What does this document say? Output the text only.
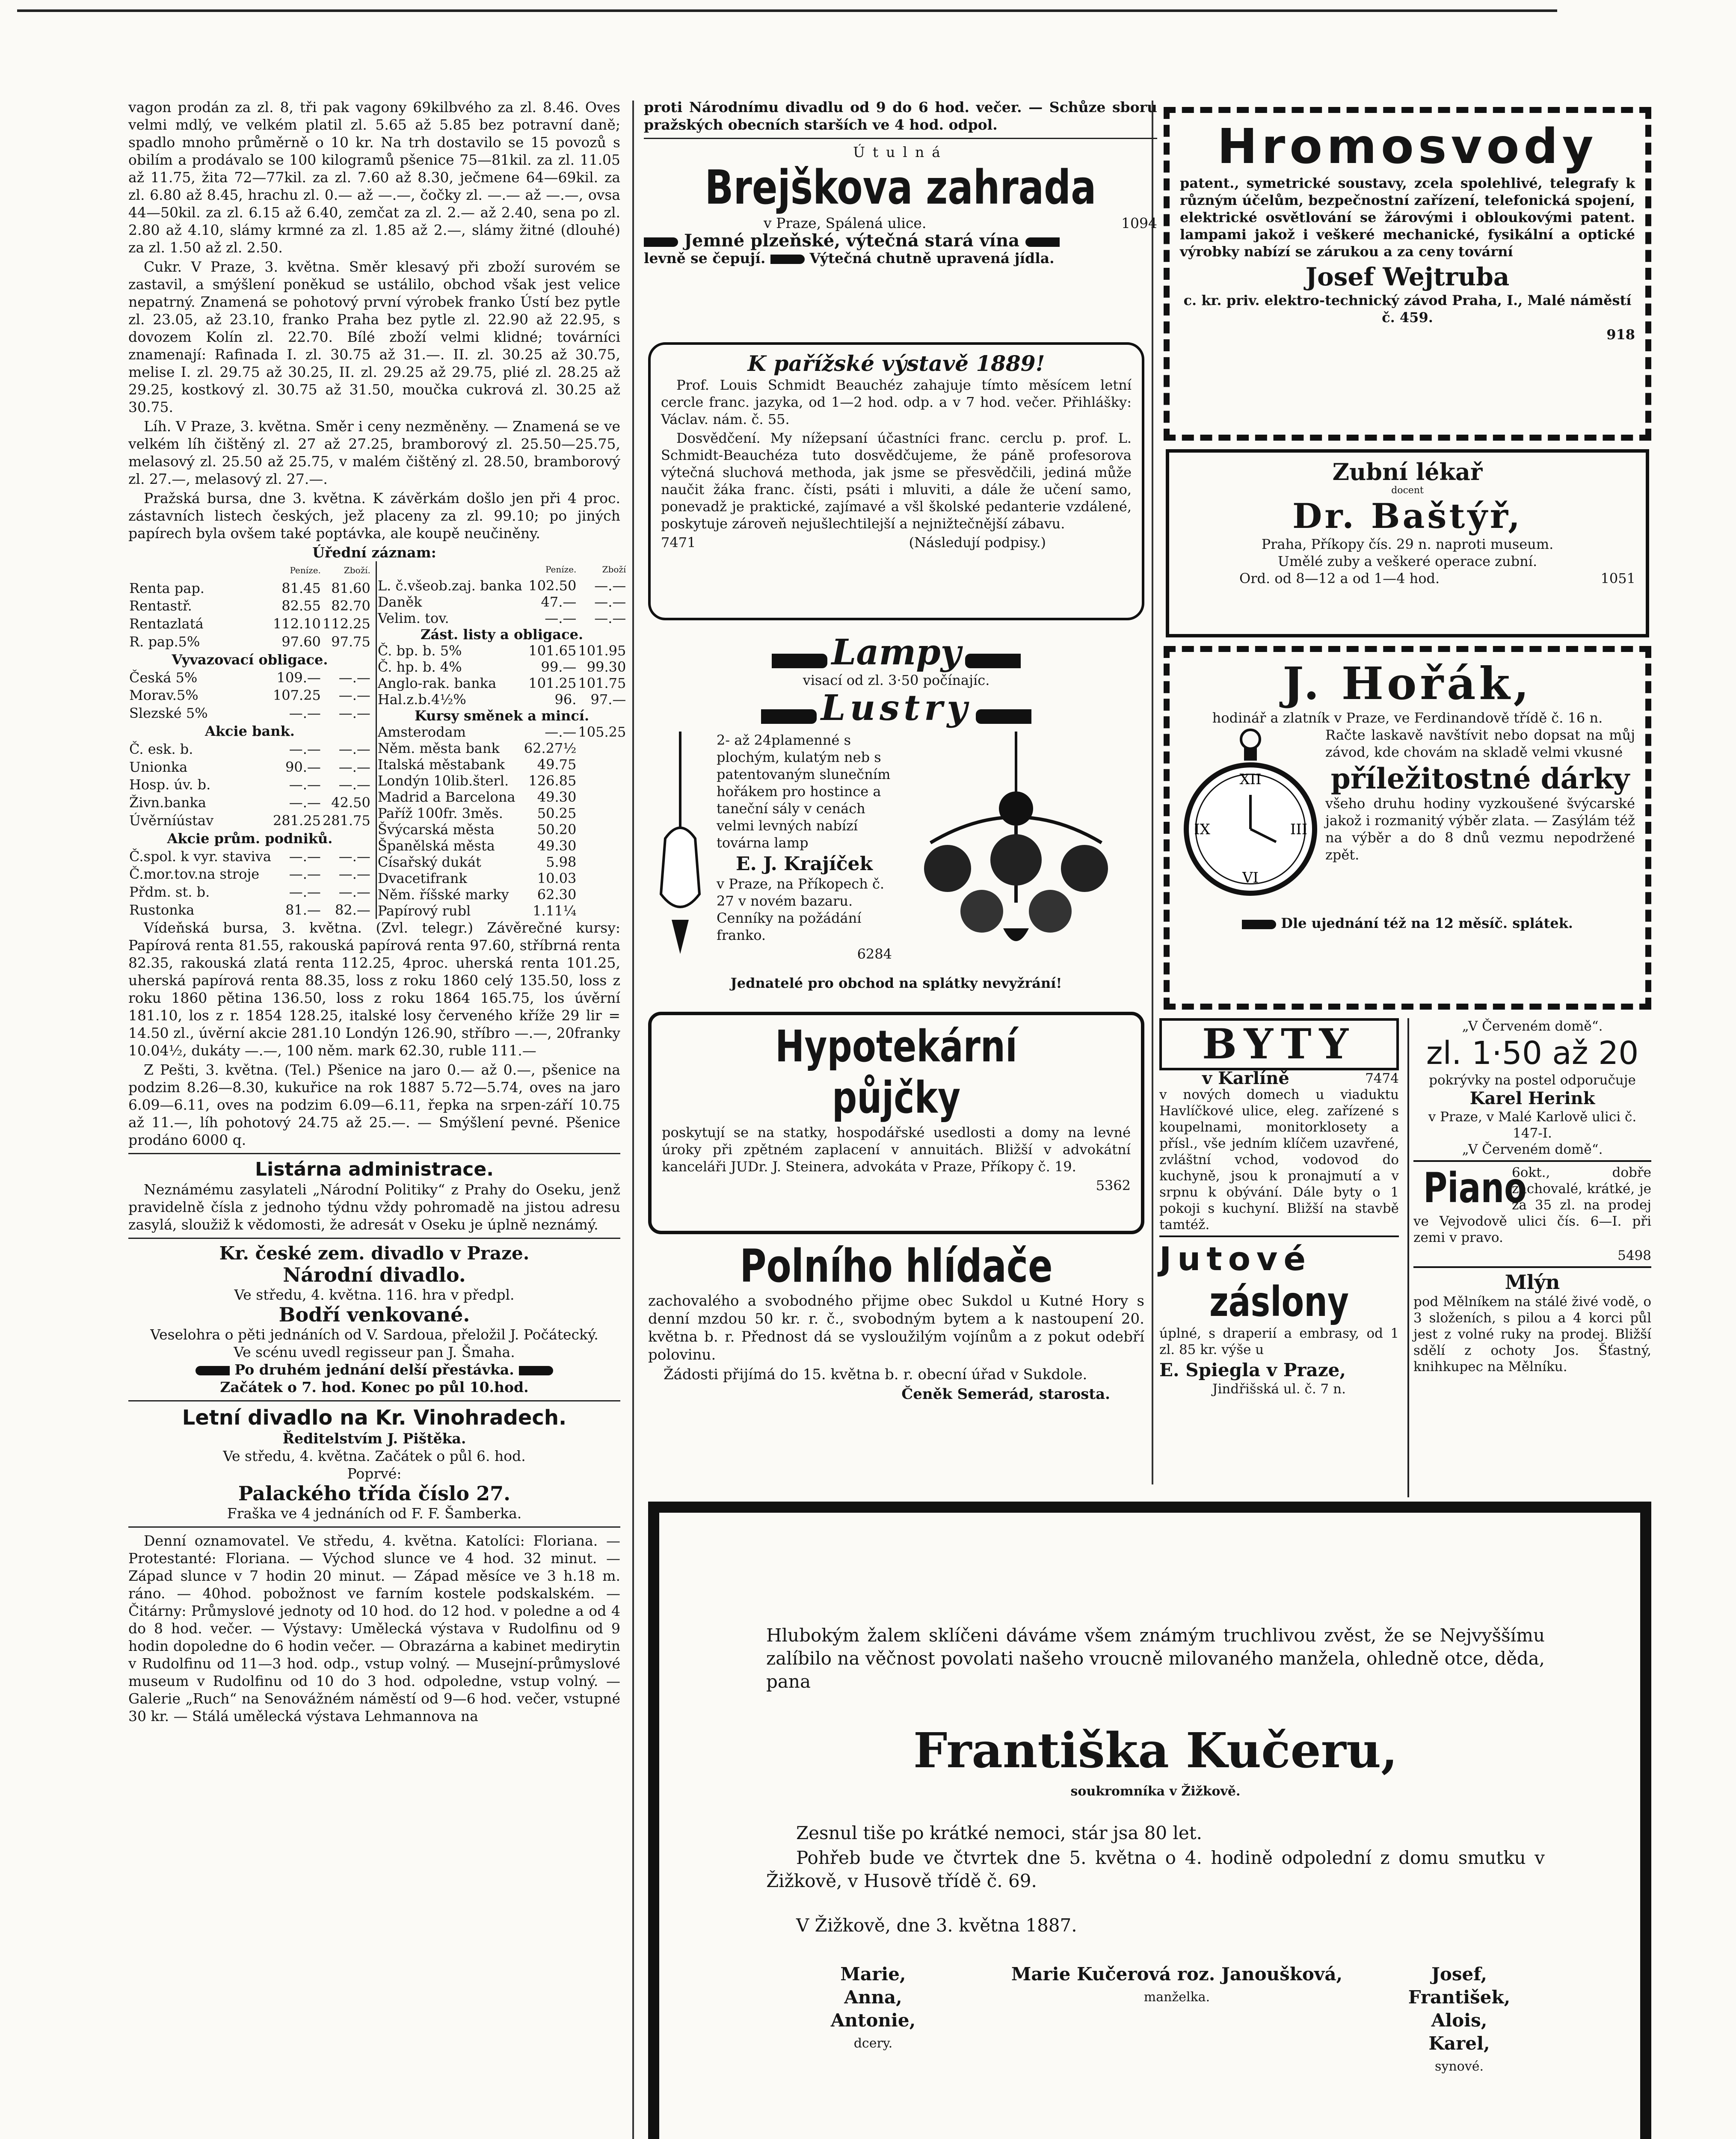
vagon prodán za zl. 8, tři pak vagony 69kilbvého za zl. 8.46. Oves velmi mdlý, ve velkém platil zl. 5.65 až 5.85 bez potravní daně; spadlo mnoho průměrně o 10 kr. Na trh dostavilo se 15 povozů s obilím a prodávalo se 100 kilogramů pšenice 75—81kil. za zl. 11.05 až 11.75, žita 72—77kil. za zl. 7.60 až 8.30, ječmene 64—69kil. za zl. 6.80 až 8.45, hrachu zl. 0.— až —.—, čočky zl. —.— až —.—, ovsa 44—50kil. za zl. 6.15 až 6.40, zemčat za zl. 2.— až 2.40, sena po zl. 2.80 až 4.10, slámy krmné za zl. 1.85 až 2.—, slámy žitné (dlouhé) za zl. 1.50 až zl. 2.50.

Cukr. V Praze, 3. května. Směr klesavý při zboží surovém se zastavil, a smýšlení poněkud se ustálilo, obchod však jest velice nepatrný. Znamená se pohotový první výrobek franko Ústí bez pytle zl. 23.05, až 23.10, franko Praha bez pytle zl. 22.90 až 22.95, s dovozem Kolín zl. 22.70. Bílé zboží velmi klidné; továrníci znamenají: Rafinada I. zl. 30.75 až 31.—. II. zl. 30.25 až 30.75, melise I. zl. 29.75 až 30.25, II. zl. 29.25 až 29.75, plié zl. 28.25 až 29.25, kostkový zl. 30.75 až 31.50, moučka cukrová zl. 30.25 až 30.75.

Líh. V Praze, 3. května. Směr i ceny nezměněny. — Znamená se ve velkém líh čištěný zl. 27 až 27.25, bramborový zl. 25.50—25.75, melasový zl. 25.50 až 25.75, v malém čištěný zl. 28.50, bramborový zl. 27.—, melasový zl. 27.—.

Pražská bursa, dne 3. května. K závěrkám došlo jen při 4 proc. zástavních listech českých, jež placeny za zl. 99.10; po jiných papírech byla ovšem také poptávka, ale koupě neučiněny.

Úřední záznam:
	Peníze.	Zboží.
Renta pap.	81.45	81.60
Rentastř.	82.55	82.70
Rentazlatá	112.10	112.25
R. pap.5%	97.60	97.75
Vyvazovací obligace.		
Česká 5%	109.—	—.—
Morav.5%	107.25	—.—
Slezské 5%	—.—	—.—
Akcie bank.		
Č. esk. b.	—.—	—.—
Unionka	90.—	—.—
Hosp. úv. b.	—.—	—.—
Živn.banka	—.—	42.50
Úvěrníústav	281.25	281.75
Akcie prům. podniků.		
Č.spol. k vyr. stavivа	—.—	—.—
Č.mor.tov.na stroje	—.—	—.—
Přdm. st. b.	—.—	—.—
Rustonka	81.—	82.—
	Peníze.	Zboží
L. č.všeob.zaj. banka	102.50	—.—
Daněk	47.—	—.—
Velim. tov.	—.—	—.—
Zást. listy a obligace.		
Č. bp. b. 5%	101.65	101.95
Č. hp. b. 4%	99.—	99.30
Anglo-rak. banka	101.25	101.75
Hal.z.b.4½%	96.	97.—
Kursy směnek a mincí.		
Amsterodam	—.—	105.25
Něm. města bank	62.27½	
Italská městabank	49.75	
Londýn 10lib.šterl.	126.85	
Madrid a Barcelona	49.30	
Paříž 100fr. 3měs.	50.25	
Švýcarská města	50.20	
Španělská města	49.30	
Císařský dukát	5.98	
Dvacetifrank	10.03	
Něm. říšské marky	62.30	
Papírový rubl	1.11¼	

Vídeňská bursa, 3. května. (Zvl. telegr.) Závěrečné kursy: Papírová renta 81.55, rakouská papírová renta 97.60, stříbrná renta 82.35, rakouská zlatá renta 112.25, 4proc. uherská renta 101.25, uherská papírová renta 88.35, loss z roku 1860 celý 135.50, loss z roku 1860 pětina 136.50, loss z roku 1864 165.75, los úvěrní 181.10, los z r. 1854 128.25, italské losy červeného kříže 29 lir = 14.50 zl., úvěrní akcie 281.10 Londýn 126.90, stříbro —.—, 20franky 10.04½, dukáty —.—, 100 něm. mark 62.30, ruble 111.—

Z Pešti, 3. května. (Tel.) Pšenice na jaro 0.— až 0.—, pšenice na podzim 8.26—8.30, kukuřice na rok 1887 5.72—5.74, oves na jaro 6.09—6.11, oves na podzim 6.09—6.11, řepka na srpen-září 10.75 až 11.—, líh pohotový 24.75 až 25.—. — Smýšlení pevné. Pšenice prodáno 6000 q.

Listárna administrace.

Neznámému zasylateli „Národní Politiky“ z Prahy do Oseku, jenž pravidelně čísla z jednoho týdnu vždy pohromadě na jistou adresu zasylá, sloužiž k vědomosti, že adresát v Oseku je úplně neznámý.

Kr. české zem. divadlo v Praze.
Národní divadlo.
Ve středu, 4. května. 116. hra v předpl.
Bodří venkované.
Veselohra o pěti jednáních od V. Sardoua, přeložil J. Počátecký.
Ve scénu uvedl regisseur pan J. Šmaha.
Po druhém jednání delší přestávka.
Začátek o 7. hod. Konec po půl 10.hod.
Letní divadlo na Kr. Vinohradech.
Ředitelstvím J. Pištěka.
Ve středu, 4. května. Začátek o půl 6. hod.
Poprvé:
Palackého třída číslo 27.
Fraška ve 4 jednáních od F. F. Šamberka.

Denní oznamovatel. Ve středu, 4. května. Katolíci: Floriana. — Protestanté: Floriana. — Východ slunce ve 4 hod. 32 minut. — Západ slunce v 7 hodin 20 minut. — Západ měsíce ve 3 h.18 m. ráno. — 40hod. pobožnost ve farním kostele podskalském. — Čitárny: Průmyslové jednoty od 10 hod. do 12 hod. v poledne a od 4 do 8 hod. večer. — Výstavy: Umělecká výstava v Rudolfinu od 9 hodin dopoledne do 6 hodin večer. — Obrazárna a kabinet medirytin v Rudolfinu od 11—3 hod. odp., vstup volný. — Musejní-průmyslové museum v Rudolfinu od 10 do 3 hod. odpoledne, vstup volný. — Galerie „Ruch“ na Senovážném náměstí od 9—6 hod. večer, vstupné 30 kr. — Stálá umělecká výstava Lehmannova na

proti Národnímu divadlu od 9 do 6 hod. večer. — Schůze sboru pražských obecních starších ve 4 hod. odpol.

Útulná
Brejškova zahrada
v Praze, Spálená ulice.	1094
Jemné plzeňské, výtečná stará vína
levně se čepují.	Výtečná chutně upravená jídla.
K pařížské výstavě 1889!

Prof. Louis Schmidt Beauchéz zahajuje tímto měsícem letní cercle franc. jazyka, od 1—2 hod. odp. a v 7 hod. večer. Přihlášky: Václav. nám. č. 55.

Dosvědčení. My nížepsaní účastníci franc. cerclu p. prof. L. Schmidt-Beauchéza tuto dosvědčujeme, že páně profesorova výtečná sluchová methoda, jak jsme se přesvědčili, jediná může naučit žáka franc. čísti, psáti i mluviti, a dále že učení samo, ponevadž je praktické, zajímavé a všl školské pedanterie vzdálené, poskytuje zároveň nejušlechtilejší a nejnižtečnější zábavu.

7471	(Následují podpisy.)
Lampy
visací od zl. 3·50 počínajíc.
Lustry

2- až 24plamenné s plochým, kulatým neb s patentovaným slunečním hořákem pro hostince a taneční sály v cenách velmi levných nabízí továrna lamp

E. J. Krajíček

v Praze, na Příkopech č. 27 v novém bazaru. Cenníky na požádání franko.

6284
Jednatelé pro obchod na splátky nevyžrání!
Hypotekární půjčky

poskytují se na statky, hospodářské usedlosti a domy na levné úroky při zpětném zaplacení v annuitách. Bližší v advokátní kanceláři JUDr. J. Steinera, advokáta v Praze, Příkopy č. 19.

5362
Polního hlídače

zachovalého a svobodného přijme obec Sukdol u Kutné Hory s denní mzdou 50 kr. r. č., svobodným bytem a k nastoupení 20. května b. r. Přednost dá se vysloužilým vojínům a z pokut odebří polovinu.

Žádosti přijímá do 15. května b. r. obecní úřad v Sukdole.

Čeněk Semerád, starosta.
Hromosvody

patent., symetrické soustavy, zcela spolehlivé, telegrafy k různým účelům, bezpečnostní zařízení, telefonická spojení, elektrické osvětlování se žárovými i obloukovými patent. lampami jakož i veškeré mechanické, fysikální a optické výrobky nabízí se zárukou a za ceny tovární

Josef Wejtruba
c. kr. priv. elektro-technický závod Praha, I., Malé náměstí č. 459.
918
Zubní lékař
docent
Dr. Baštýř,
Praha, Příkopy čís. 29 n. naproti museum.
Umělé zuby a veškeré operace zubní.
Ord. od 8—12 a od 1—4 hod.	1051
J. Hořák,
hodinář a zlatník v Praze, ve Ferdinandově třídě č. 16 n.
XII
III
VI
IX

Račte laskavě navštívit nebo dopsat na můj závod, kde chovám na skladě velmi vkusné

příležitostné dárky

všeho druhu hodiny vyzkoušené švýcarské jakož i rozmanitý výběr zlata. — Zasýlám též na výběr a do 8 dnů vezmu nepodržené zpět.

Dle ujednání též na 12 měsíč. splátek.
BYTY
v Karlíně	7474

v nových domech u viaduktu Havlíčkové ulice, eleg. zařízené s koupelnami, monitorklosety a přísl., vše jedním klíčem uzavřené, zvláštní vchod, vodovod do kuchyně, jsou k pronajmutí a v srpnu k obývání. Dále byty o 1 pokoji s kuchyní. Bližší na stavbě tamtéž.

Jutové
záslony

úplné, s draperií a embrasy, od 1 zl. 85 kr. výše u

E. Spiegla v Praze,
Jindřišská ul. č. 7 n.
„V Červeném domě“.
zl. 1·50 až 20
pokrývky na postel odporučuje
Karel Herink
v Praze, v Malé Karlově ulici č. 147-I.
„V Červeném domě“.
Piano

6okt., dobře zachovalé, krátké, je za 35 zl. na prodej ve Vejvodově ulici čís. 6—I. při zemi v pravo.

5498
Mlýn

pod Mělníkem na stálé živé vodě, o 3 složeních, s pilou a 4 korci půl jest z volné ruky na prodej. Bližší sdělí z ochoty Jos. Šťastný, knihkupec na Mělníku.

Hlubokým žalem sklíčeni dáváme všem známým truchlivou zvěst, že se Nejvyššímu zalíbilo na věčnost povolati našeho vroucně milovaného manžela, ohledně otce, děda, pana

Františka Kučeru,
soukromníka v Žižkově.

Zesnul tiše po krátké nemoci, stár jsa 80 let.

Pohřeb bude ve čtvrtek dne 5. května o 4. hodině odpolední z domu smutku v Žižkově, v Husově třídě č. 69.

V Žižkově, dne 3. května 1887.

Marie,
Anna,
Antonie,
dcery.
Marie Kučerová roz. Janoušková,
manželka.
Josef,
František,
Alois,
Karel,
synové.
